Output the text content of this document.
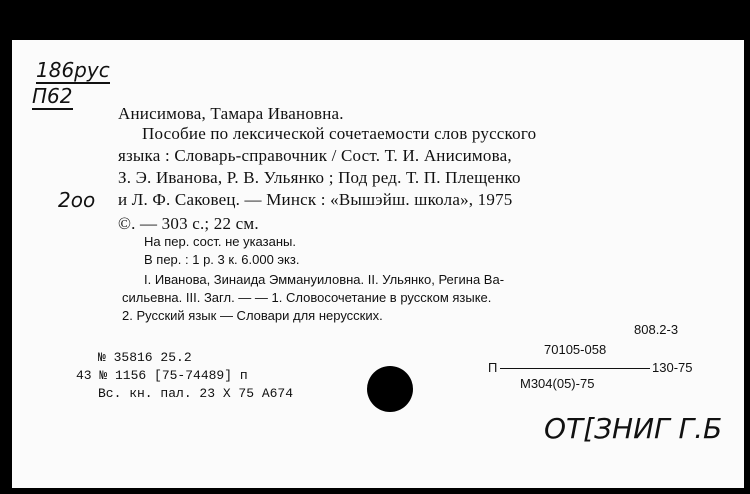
186рус
П62
2оо
Анисимова, Тамара Ивановна.
Пособие по лексической сочетаемости слов русского
языка : Словарь-справочник / Сост. Т. И. Анисимова,
З. Э. Иванова, Р. В. Ульянко ; Под ред. Т. П. Плещенко
и Л. Ф. Саковец. — Минск : «Вышэйш. школа», 1975
©. — 303 с.; 22 см.
На пер. сост. не указаны.
В пер. : 1 р. 3 к. 6.000 экз.
I. Иванова, Зинаида Эммануиловна. II. Ульянко, Регина Ва-
сильевна. III. Загл. — — 1. Словосочетание в русском языке.
2. Русский язык — Словари для нерусских.
808.2-3
70105-058
П	130-75
М304(05)-75
№ 35816 25.2
43 № 1156 [75-74489] п
Вс. кн. пал. 23 X 75 А674
ОТ[ЗНИГ Г.Б
